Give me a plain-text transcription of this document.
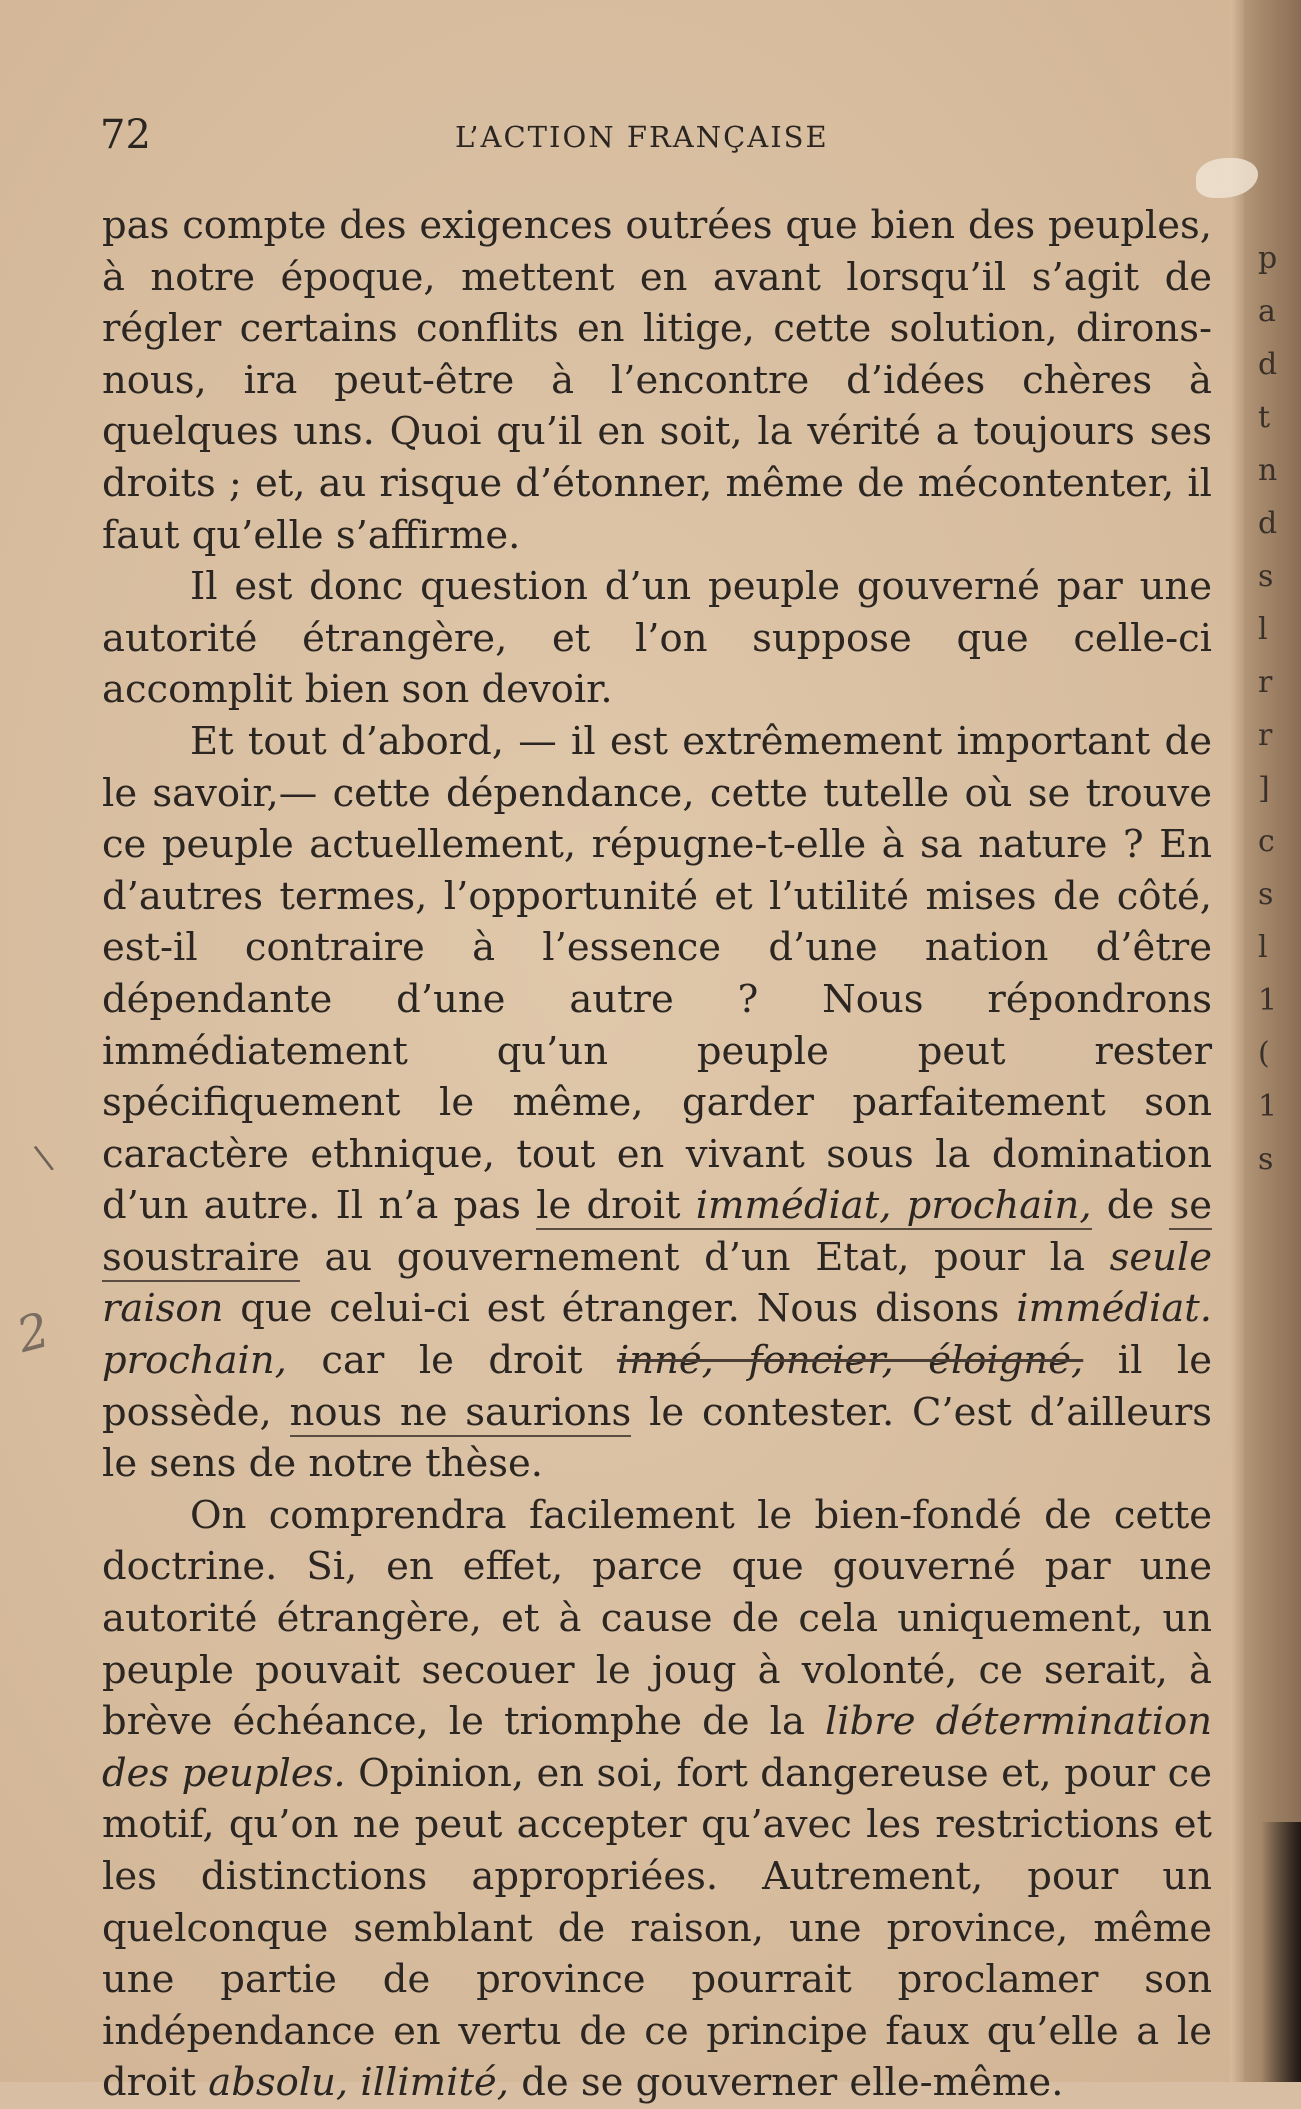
72	L’ACTION FRANÇAISE

pas compte des exigences outrées que bien des peuples, à notre époque, mettent en avant lorsqu’il s’agit de régler certains conflits en litige, cette solution, dirons-nous, ira peut-être à l’encontre d’idées chères à quelques uns. Quoi qu’il en soit, la vérité a toujours ses droits ; et, au risque d’étonner, même de mécontenter, il faut qu’elle s’affirme.

Il est donc question d’un peuple gouverné par une autorité étrangère, et l’on suppose que celle-ci accomplit bien son devoir.

Et tout d’abord, — il est extrêmement important de le savoir,— cette dépendance, cette tutelle où se trouve ce peuple actuellement, répugne-t-elle à sa nature ? En d’autres termes, l’opportunité et l’utilité mises de côté, est-il contraire à l’essence d’une nation d’être dépendante d’une autre ? Nous répondrons immédiatement qu’un peuple peut rester spécifiquement le même, garder parfaitement son caractère ethnique, tout en vivant sous la domination d’un autre. Il n’a pas le droit immédiat, prochain, de se soustraire au gouvernement d’un Etat, pour la seule raison que celui-ci est étranger. Nous disons immédiat. prochain, car le droit inné, foncier, éloigné, il le possède, nous ne saurions le contester. C’est d’ailleurs le sens de notre thèse.

On comprendra facilement le bien-fondé de cette doctrine. Si, en effet, parce que gouverné par une autorité étrangère, et à cause de cela uniquement, un peuple pouvait secouer le joug à volonté, ce serait, à brève échéance, le triomphe de la libre détermination des peuples. Opinion, en soi, fort dangereuse et, pour ce motif, qu’on ne peut accepter qu’avec les restrictions et les distinctions appropriées. Autrement, pour un quelconque semblant de raison, une province, même une partie de province pourrait proclamer son indépendance en vertu de ce principe faux qu’elle a le droit absolu, illimité, de se gouverner elle-même.

p
a
d
t
n
d
s
l
r
r
]
c
s
l
1
(
1
s
\
2
